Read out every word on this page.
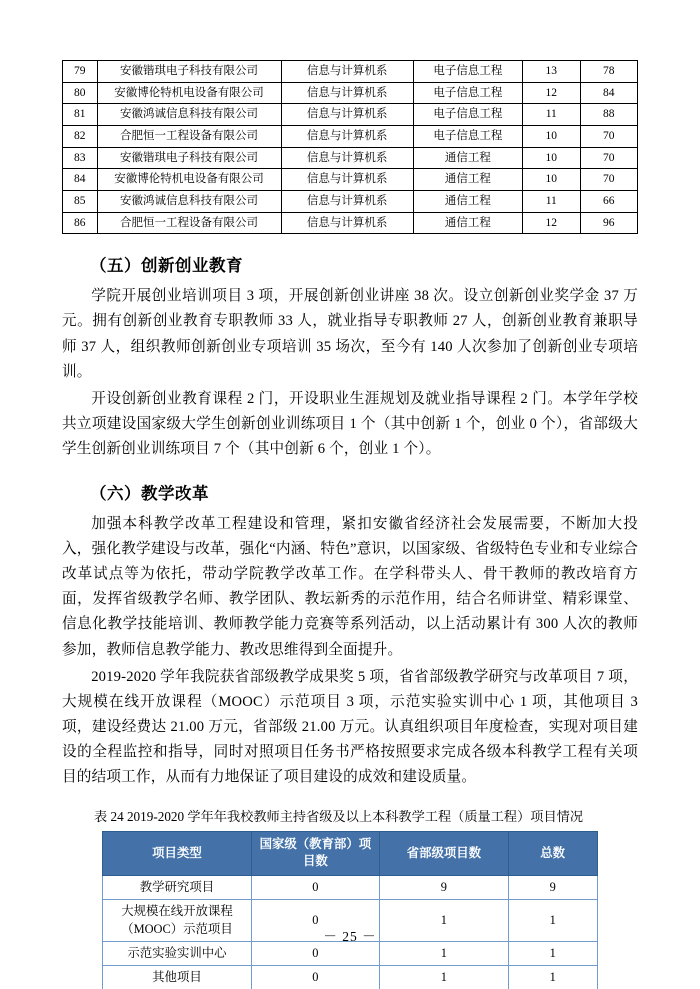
79	安徽锴琪电子科技有限公司	信息与计算机系	电子信息工程	13	78
80	安徽博伦特机电设备有限公司	信息与计算机系	电子信息工程	12	84
81	安徽鸿诚信息科技有限公司	信息与计算机系	电子信息工程	11	88
82	合肥恒一工程设备有限公司	信息与计算机系	电子信息工程	10	70
83	安徽锴琪电子科技有限公司	信息与计算机系	通信工程	10	70
84	安徽博伦特机电设备有限公司	信息与计算机系	通信工程	10	70
85	安徽鸿诚信息科技有限公司	信息与计算机系	通信工程	11	66
86	合肥恒一工程设备有限公司	信息与计算机系	通信工程	12	96
（五）创新创业教育

学院开展创业培训项目 3 项，开展创新创业讲座 38 次。设立创新创业奖学金 37 万元。拥有创新创业教育专职教师 33 人，就业指导专职教师 27 人，创新创业教育兼职导师 37 人，组织教师创新创业专项培训 35 场次，至今有 140 人次参加了创新创业专项培训。

开设创新创业教育课程 2 门，开设职业生涯规划及就业指导课程 2 门。本学年学校共立项建设国家级大学生创新创业训练项目 1 个（其中创新 1 个，创业 0 个），省部级大学生创新创业训练项目 7 个（其中创新 6 个，创业 1 个）。

（六）教学改革

加强本科教学改革工程建设和管理，紧扣安徽省经济社会发展需要，不断加大投入，强化教学建设与改革，强化“内涵、特色”意识，以国家级、省级特色专业和专业综合改革试点等为依托，带动学院教学改革工作。在学科带头人、骨干教师的教改培育方面，发挥省级教学名师、教学团队、教坛新秀的示范作用，结合名师讲堂、精彩课堂、信息化教学技能培训、教师教学能力竞赛等系列活动，以上活动累计有 300 人次的教师参加，教师信息教学能力、教改思维得到全面提升。

2019-2020 学年我院获省部级教学成果奖 5 项，省省部级教学研究与改革项目 7 项，大规模在线开放课程（MOOC）示范项目 3 项，示范实验实训中心 1 项，其他项目 3 项，建设经费达 21.00 万元，省部级 21.00 万元。认真组织项目年度检查，实现对项目建设的全程监控和指导，同时对照项目任务书严格按照要求完成各级本科教学工程有关项目的结项工作，从而有力地保证了项目建设的成效和建设质量。

表 24 2019-2020 学年年我校教师主持省级及以上本科教学工程（质量工程）项目情况
项目类型	国家级（教育部）项目数	省部级项目数	总数
教学研究项目	0	9	9
大规模在线开放课程（MOOC）示范项目	0	1	1
示范实验实训中心	0	1	1
其他项目	0	1	1
－ 25 －
